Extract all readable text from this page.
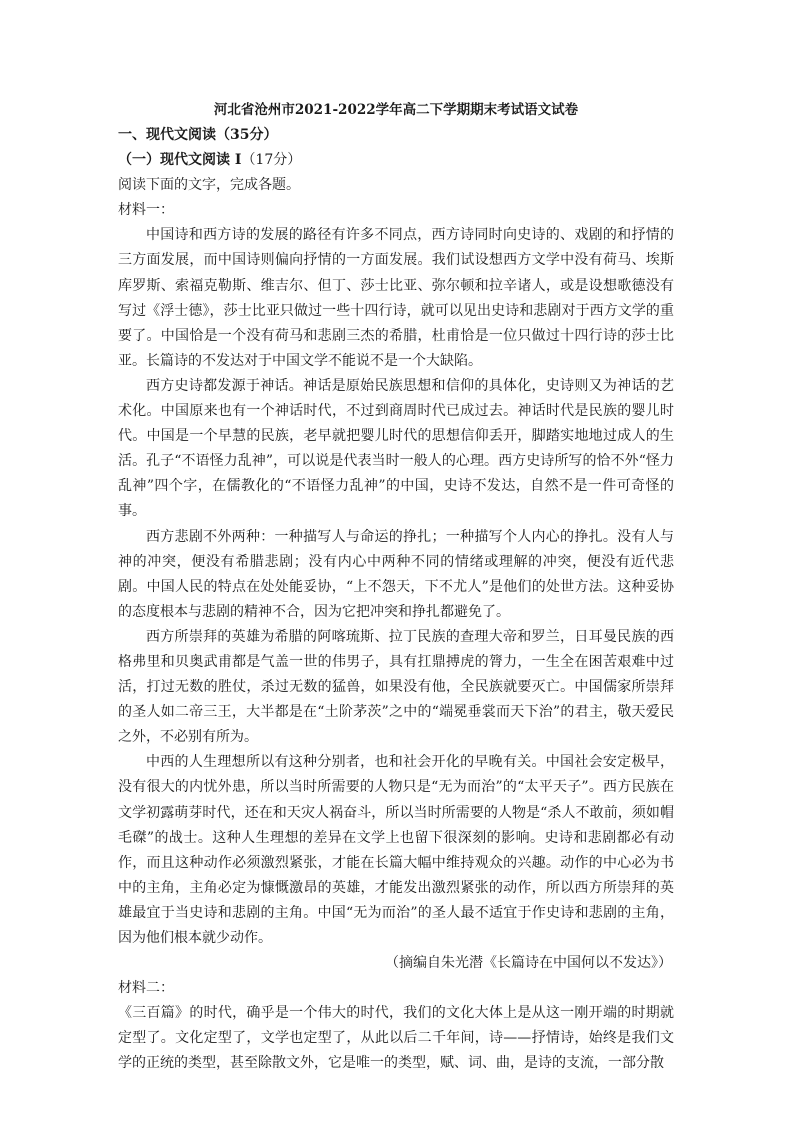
河北省沧州市2021-2022学年高二下学期期末考试语文试卷

一、现代文阅读（35分）

（一）现代文阅读 I（17分）

阅读下面的文字，完成各题。

材料一：

中国诗和西方诗的发展的路径有许多不同点，西方诗同时向史诗的、戏剧的和抒情的三方面发展，而中国诗则偏向抒情的一方面发展。我们试设想西方文学中没有荷马、埃斯库罗斯、索福克勒斯、维吉尔、但丁、莎士比亚、弥尔顿和拉辛诸人，或是设想歌德没有写过《浮士德》，莎士比亚只做过一些十四行诗，就可以见出史诗和悲剧对于西方文学的重要了。中国恰是一个没有荷马和悲剧三杰的希腊，杜甫恰是一位只做过十四行诗的莎士比亚。长篇诗的不发达对于中国文学不能说不是一个大缺陷。

西方史诗都发源于神话。神话是原始民族思想和信仰的具体化，史诗则又为神话的艺术化。中国原来也有一个神话时代，不过到商周时代已成过去。神话时代是民族的婴儿时代。中国是一个早慧的民族，老早就把婴儿时代的思想信仰丢开，脚踏实地地过成人的生活。孔子“不语怪力乱神”，可以说是代表当时一般人的心理。西方史诗所写的恰不外“怪力乱神”四个字，在儒教化的“不语怪力乱神”的中国，史诗不发达，自然不是一件可奇怪的事。

西方悲剧不外两种：一种描写人与命运的挣扎；一种描写个人内心的挣扎。没有人与神的冲突，便没有希腊悲剧；没有内心中两种不同的情绪或理解的冲突，便没有近代悲剧。中国人民的特点在处处能妥协，“上不怨天，下不尤人”是他们的处世方法。这种妥协的态度根本与悲剧的精神不合，因为它把冲突和挣扎都避免了。

西方所崇拜的英雄为希腊的阿喀琉斯、拉丁民族的查理大帝和罗兰，日耳曼民族的西格弗里和贝奥武甫都是气盖一世的伟男子，具有扛鼎搏虎的膂力，一生全在困苦艰难中过活，打过无数的胜仗，杀过无数的猛兽，如果没有他，全民族就要灭亡。中国儒家所崇拜的圣人如二帝三王，大半都是在“土阶茅茨”之中的“端冕垂裳而天下治”的君主，敬天爱民之外，不必别有所为。

中西的人生理想所以有这种分别者，也和社会开化的早晚有关。中国社会安定极早，没有很大的内忧外患，所以当时所需要的人物只是“无为而治”的“太平天子”。西方民族在文学初露萌芽时代，还在和天灾人祸奋斗，所以当时所需要的人物是“杀人不敢前，须如帽毛磔”的战士。这种人生理想的差异在文学上也留下很深刻的影响。史诗和悲剧都必有动作，而且这种动作必须激烈紧张，才能在长篇大幅中维持观众的兴趣。动作的中心必为书中的主角，主角必定为慷慨激昂的英雄，才能发出激烈紧张的动作，所以西方所崇拜的英雄最宜于当史诗和悲剧的主角。中国“无为而治”的圣人最不适宜于作史诗和悲剧的主角，因为他们根本就少动作。

（摘编自朱光潜《长篇诗在中国何以不发达》）

材料二：

《三百篇》的时代，确乎是一个伟大的时代，我们的文化大体上是从这一刚开端的时期就定型了。文化定型了，文学也定型了，从此以后二千年间，诗——抒情诗，始终是我们文学的正统的类型，甚至除散文外，它是唯一的类型，赋、词、曲，是诗的支流，一部分散
